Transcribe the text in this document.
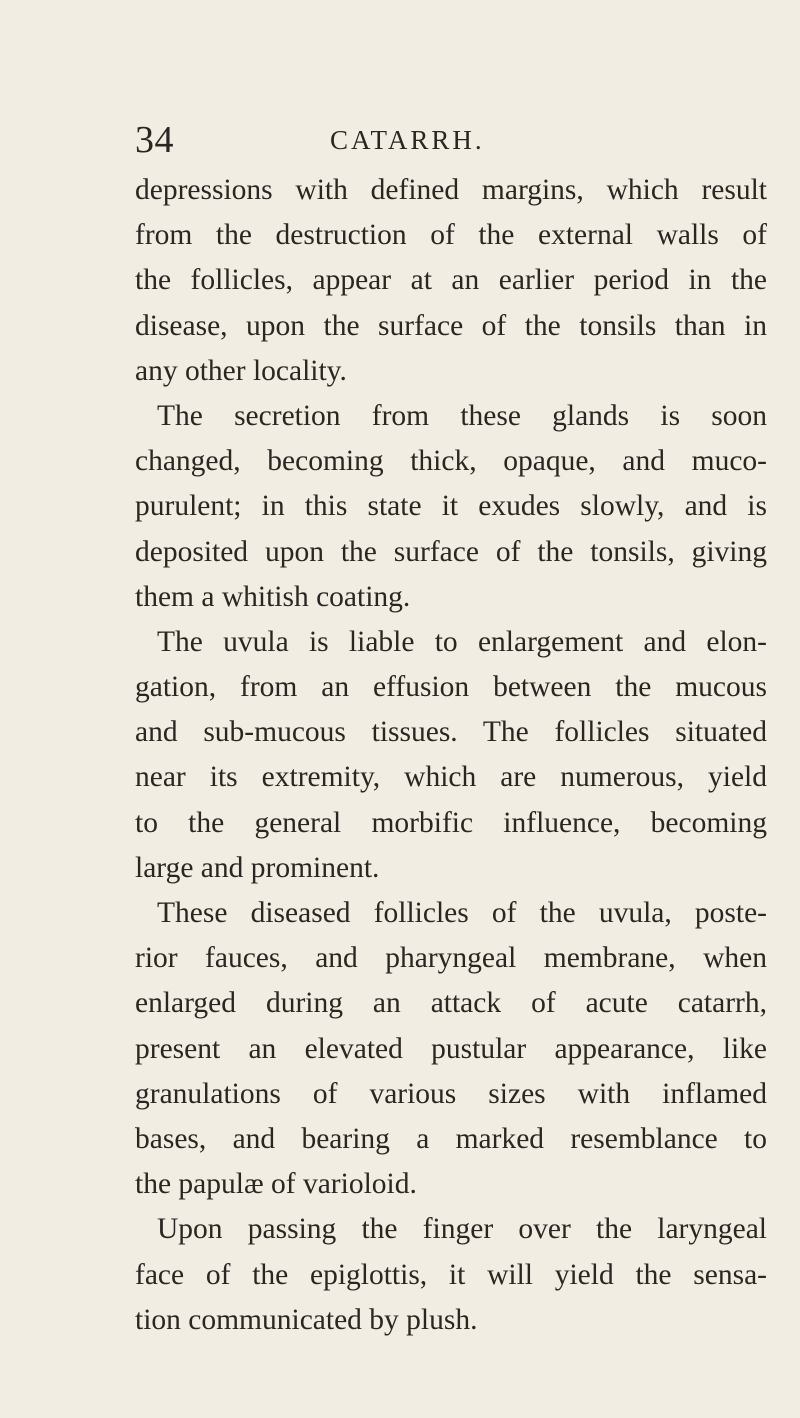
34	CATARRH.
depressions with defined margins, which result
from the destruction of the external walls of
the follicles, appear at an earlier period in the
disease, upon the surface of the tonsils than in
any other locality.
The secretion from these glands is soon
changed, becoming thick, opaque, and muco-
purulent; in this state it exudes slowly, and is
deposited upon the surface of the tonsils, giving
them a whitish coating.
The uvula is liable to enlargement and elon-
gation, from an effusion between the mucous
and sub-mucous tissues. The follicles situated
near its extremity, which are numerous, yield
to the general morbific influence, becoming
large and prominent.
These diseased follicles of the uvula, poste-
rior fauces, and pharyngeal membrane, when
enlarged during an attack of acute catarrh,
present an elevated pustular appearance, like
granulations of various sizes with inflamed
bases, and bearing a marked resemblance to
the papulæ of varioloid.
Upon passing the finger over the laryngeal
face of the epiglottis, it will yield the sensa-
tion communicated by plush.
